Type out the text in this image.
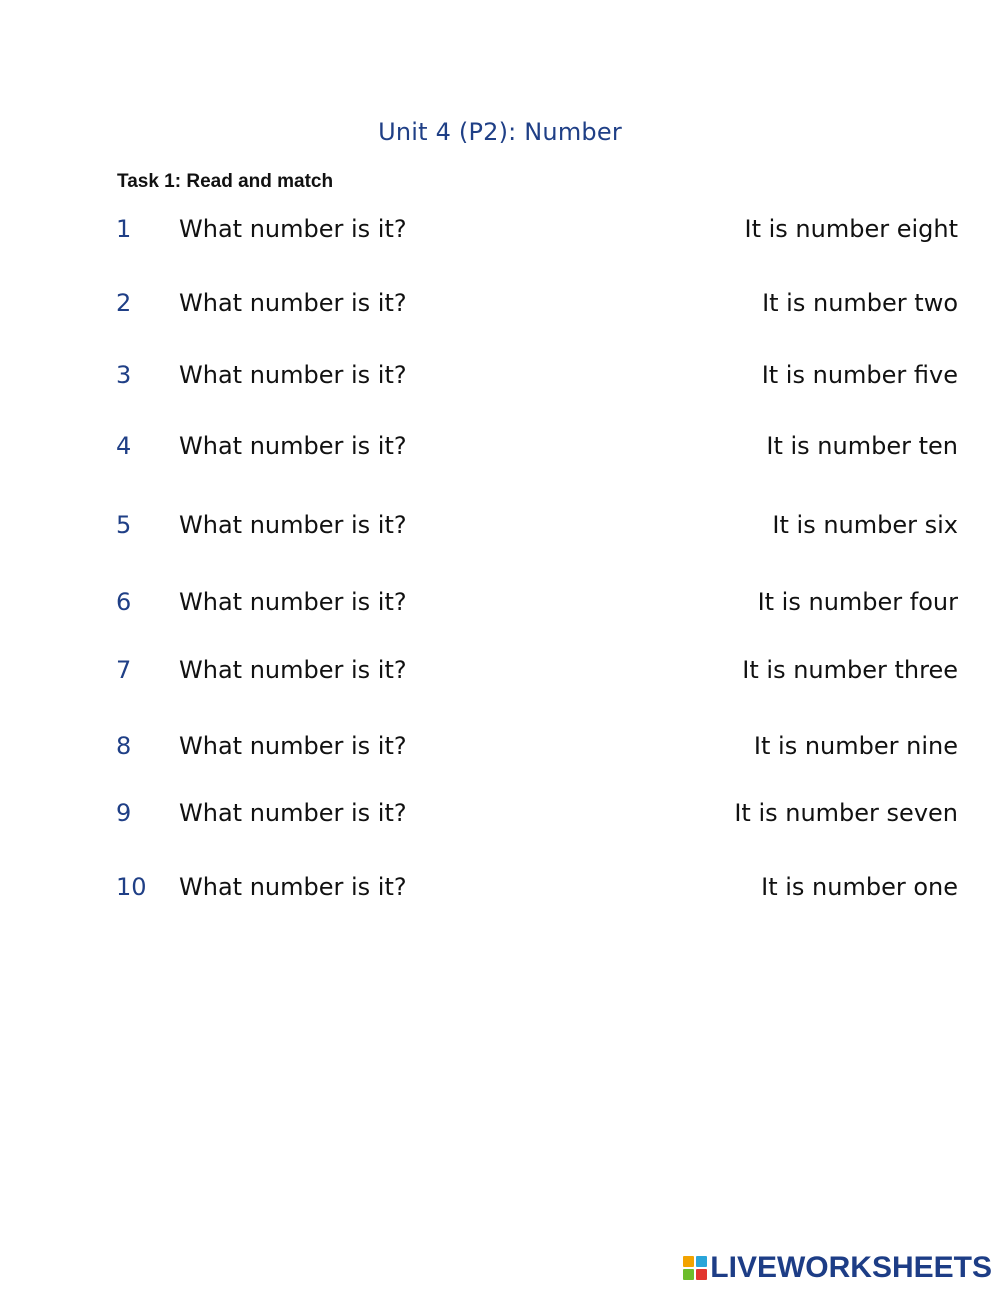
Unit 4 (P2): Number
Task 1: Read and match
1 What number is it?	It is number eight
2 What number is it?	It is number two
3 What number is it?	It is number five
4 What number is it?	It is number ten
5 What number is it?	It is number six
6 What number is it?	It is number four
7 What number is it?	It is number three
8 What number is it?	It is number nine
9 What number is it?	It is number seven
10 What number is it?	It is number one
LIVEWORKSHEETS
